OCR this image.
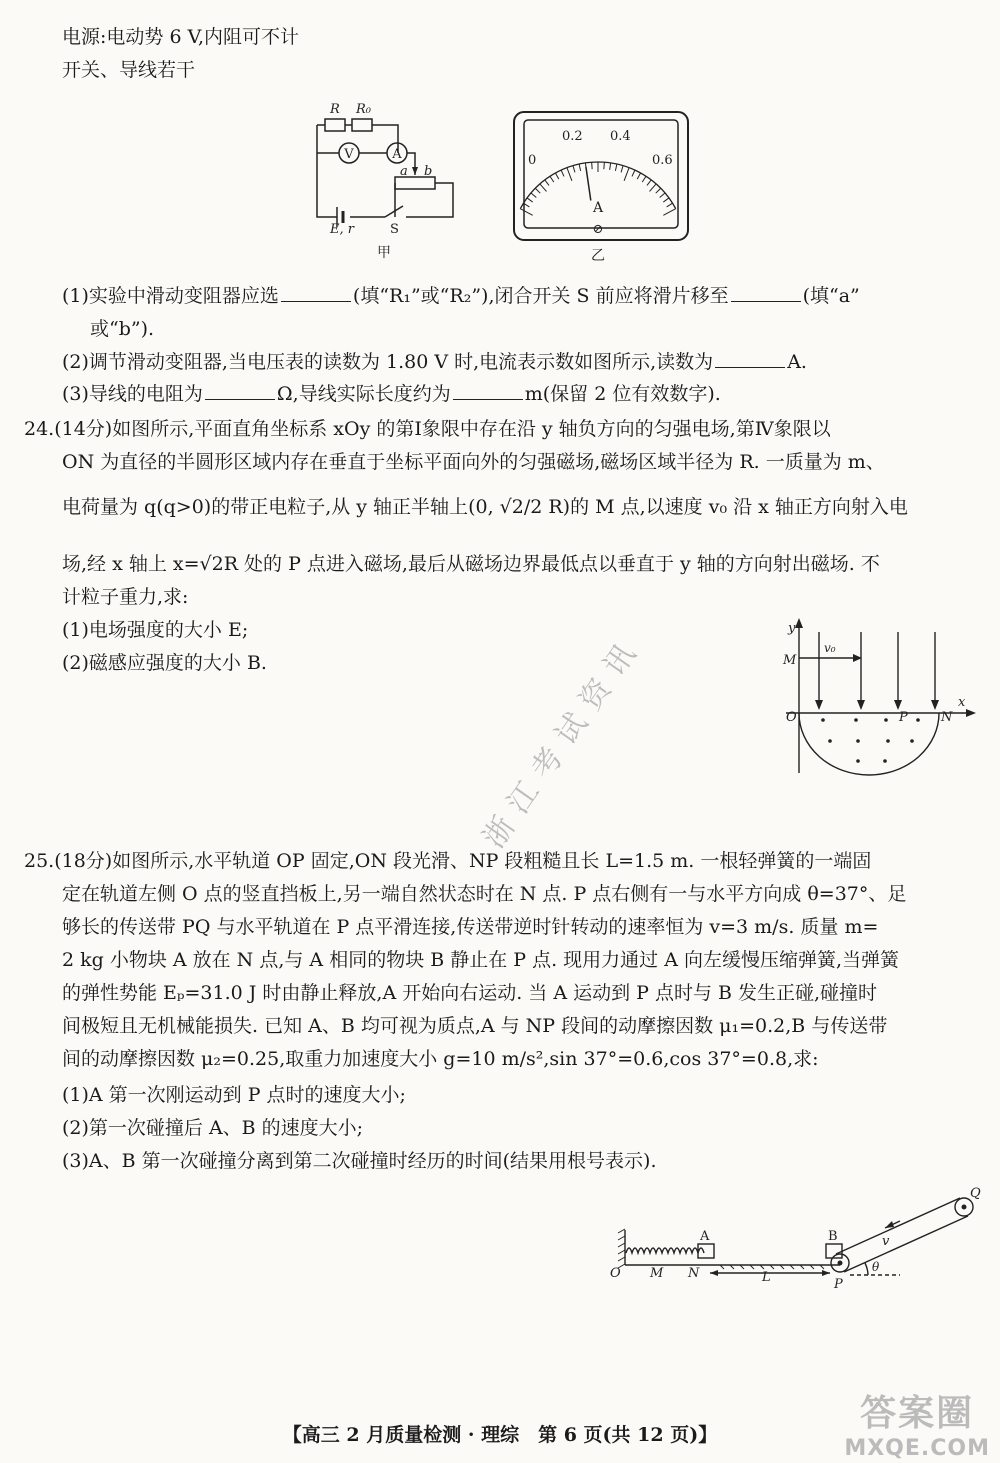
电源:电动势 6 V,内阻可不计
开关、导线若干
R R₀
V	A
a b
E, r	S
甲
0
0.2 0.4
0.6
A
⊘
乙
(1)实验中滑动变阻器应选	(填“R₁”或“R₂”),闭合开关 S 前应将滑片移至	(填“a”
或“b”).
(2)调节滑动变阻器,当电压表的读数为 1.80 V 时,电流表示数如图所示,读数为	A.
(3)导线的电阻为	Ω,导线实际长度约为	m(保留 2 位有效数字).
24.(14分)如图所示,平面直角坐标系 xOy 的第Ⅰ象限中存在沿 y 轴负方向的匀强电场,第Ⅳ象限以
ON 为直径的半圆形区域内存在垂直于坐标平面向外的匀强磁场,磁场区域半径为 R. 一质量为 m、
电荷量为 q(q>0)的带正电粒子,从 y 轴正半轴上(0, √2/2 R)的 M 点,以速度 v₀ 沿 x 轴正方向射入电
场,经 x 轴上 x=√2R 处的 P 点进入磁场,最后从磁场边界最低点以垂直于 y 轴的方向射出磁场. 不
计粒子重力,求:
(1)电场强度的大小 E;
(2)磁感应强度的大小 B.
y
M
v₀
O	P	N
x
浙江考试资讯
25.(18分)如图所示,水平轨道 OP 固定,ON 段光滑、NP 段粗糙且长 L=1.5 m. 一根轻弹簧的一端固
定在轨道左侧 O 点的竖直挡板上,另一端自然状态时在 N 点. P 点右侧有一与水平方向成 θ=37°、足
够长的传送带 PQ 与水平轨道在 P 点平滑连接,传送带逆时针转动的速率恒为 v=3 m/s. 质量 m=
2 kg 小物块 A 放在 N 点,与 A 相同的物块 B 静止在 P 点. 现用力通过 A 向左缓慢压缩弹簧,当弹簧
的弹性势能 Eₚ=31.0 J 时由静止释放,A 开始向右运动. 当 A 运动到 P 点时与 B 发生正碰,碰撞时
间极短且无机械能损失. 已知 A、B 均可视为质点,A 与 NP 段间的动摩擦因数 μ₁=0.2,B 与传送带
间的动摩擦因数 μ₂=0.25,取重力加速度大小 g=10 m/s²,sin 37°=0.6,cos 37°=0.8,求:
(1)A 第一次刚运动到 P 点时的速度大小;
(2)第一次碰撞后 A、B 的速度大小;
(3)A、B 第一次碰撞分离到第二次碰撞时经历的时间(结果用根号表示).
O M N	L
A	B
P
Q
v
θ
【高三 2 月质量检测 · 理综　第 6 页(共 12 页)】
答案圈
MXQE.COM
